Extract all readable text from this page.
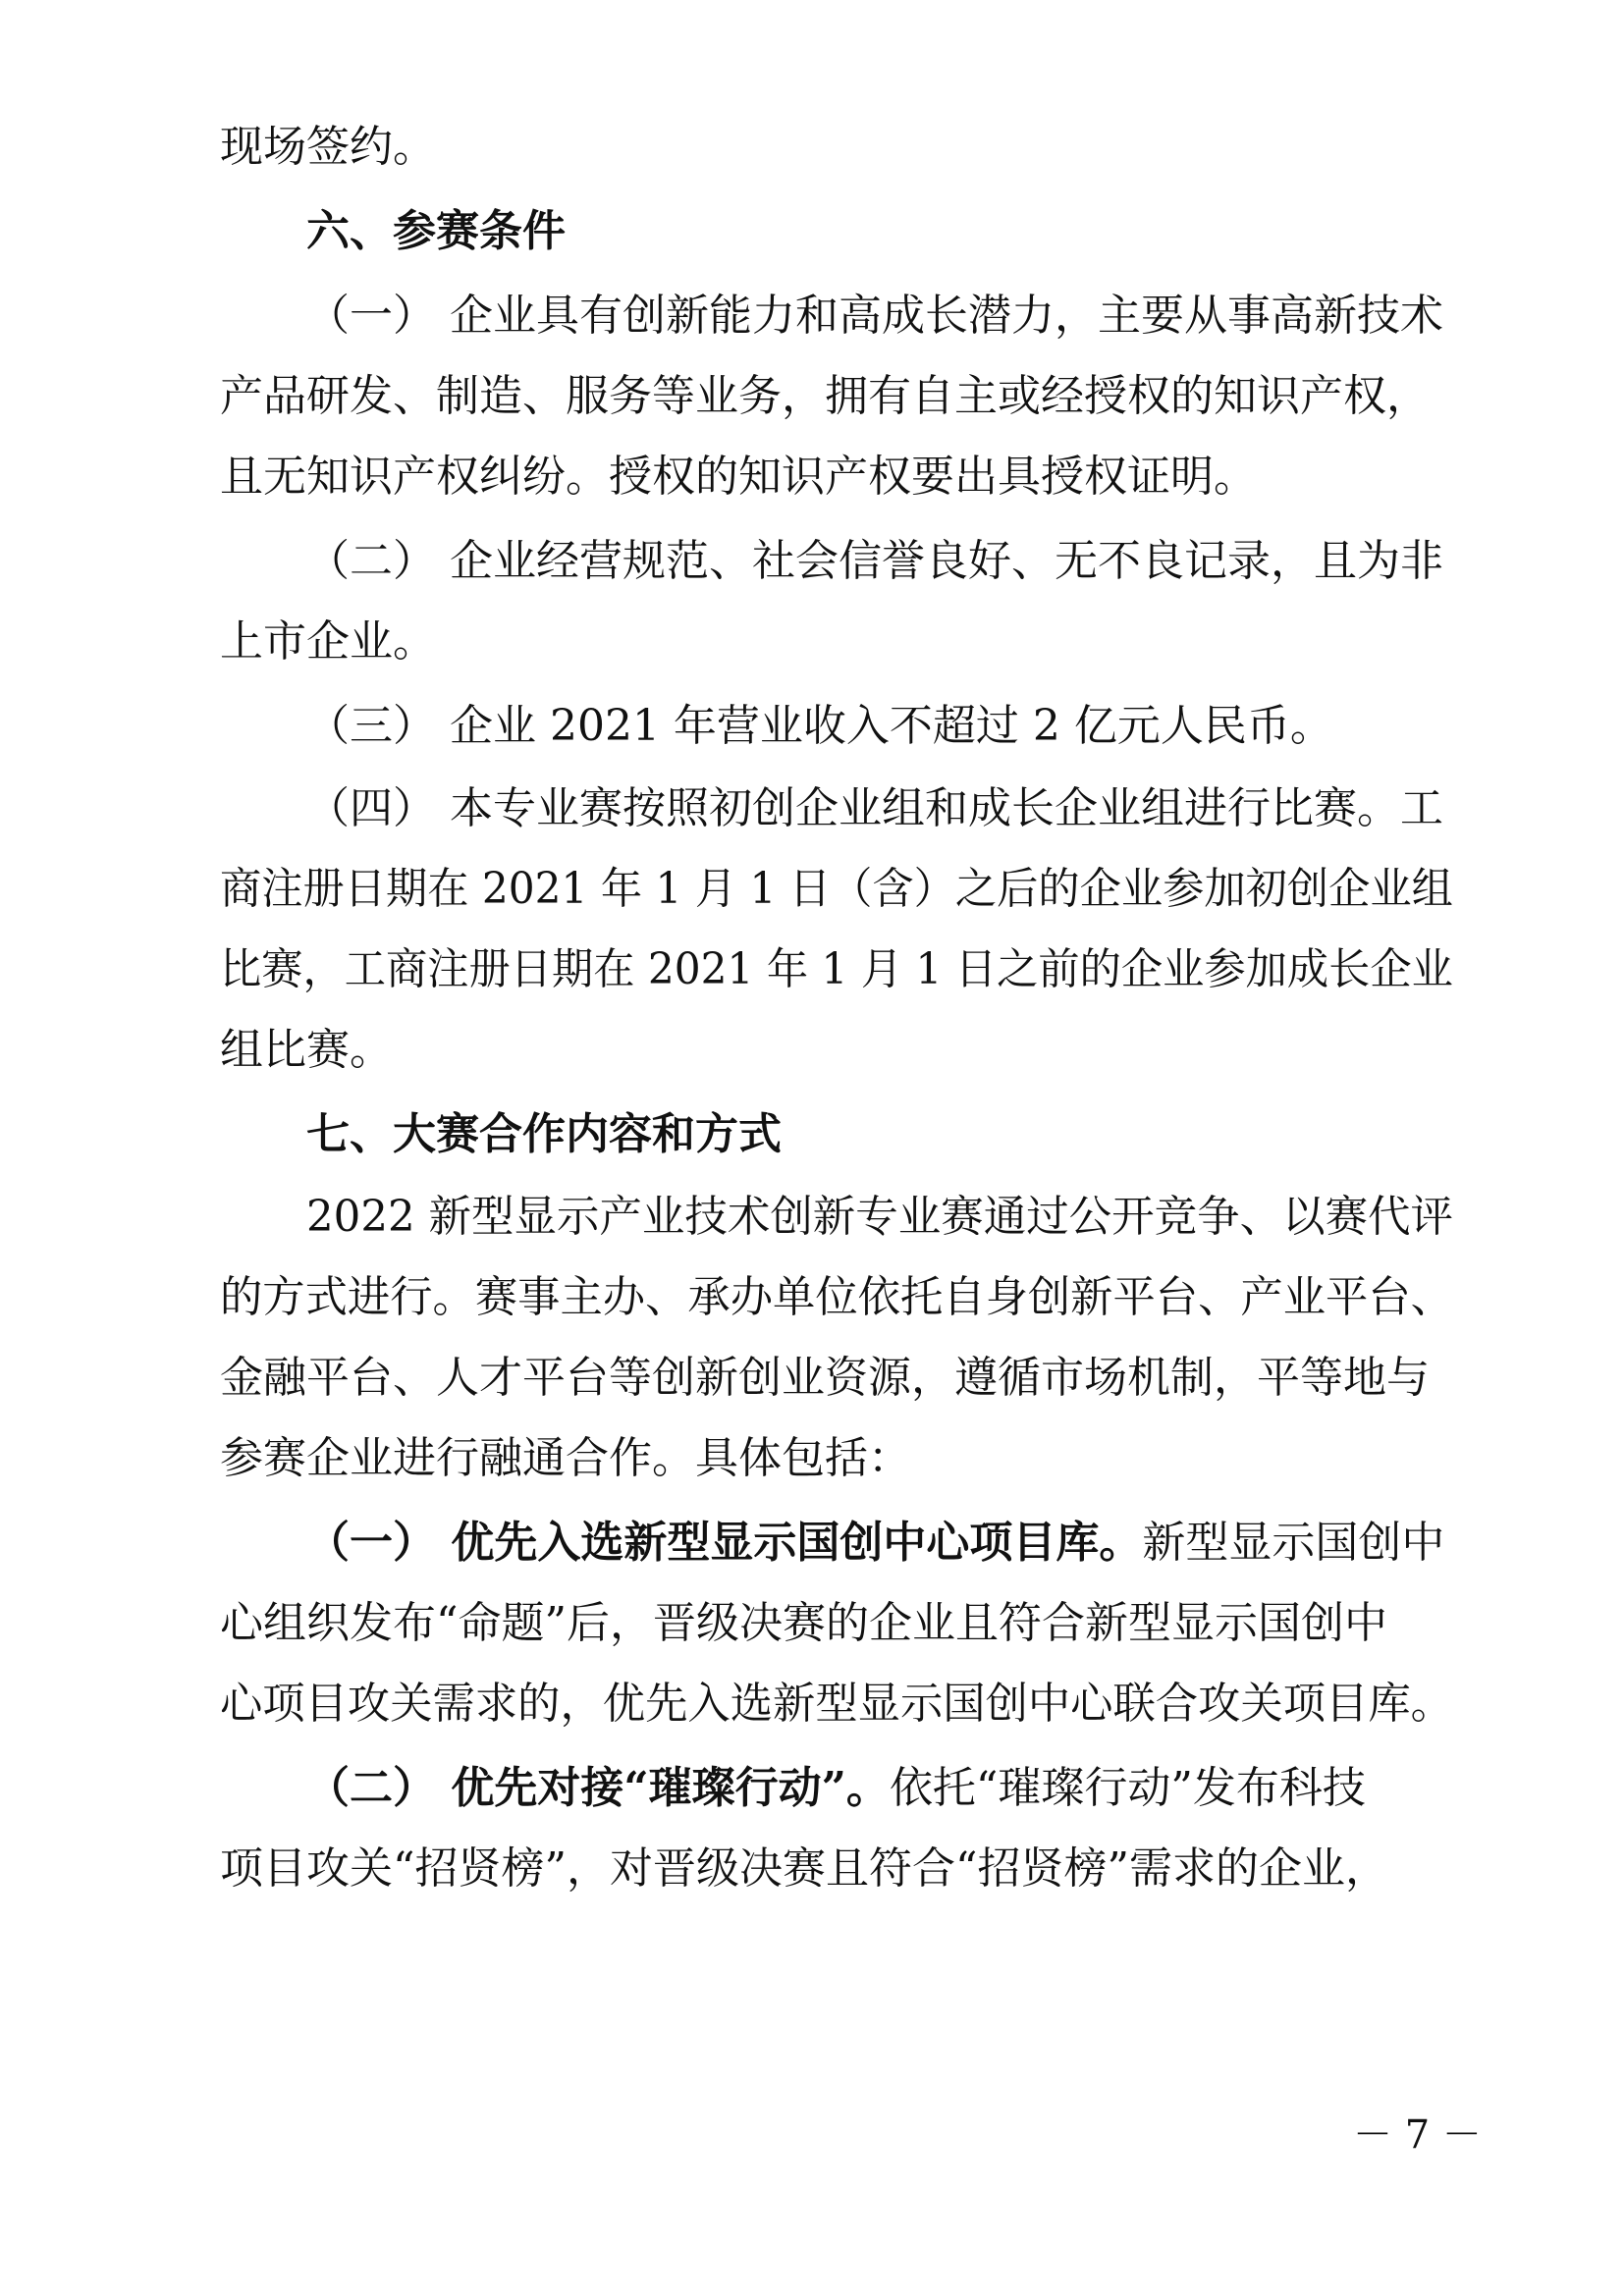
现场签约。
六、参赛条件
（一） 企业具有创新能力和高成长潜力，主要从事高新技术
产品研发、制造、服务等业务，拥有自主或经授权的知识产权，
且无知识产权纠纷。授权的知识产权要出具授权证明。
（二） 企业经营规范、社会信誉良好、无不良记录，且为非
上市企业。
（三） 企业 2021 年营业收入不超过 2 亿元人民币。
（四） 本专业赛按照初创企业组和成长企业组进行比赛。工
商注册日期在 2021 年 1 月 1 日（含）之后的企业参加初创企业组
比赛，工商注册日期在 2021 年 1 月 1 日之前的企业参加成长企业
组比赛。
七、大赛合作内容和方式
2022 新型显示产业技术创新专业赛通过公开竞争、以赛代评
的方式进行。赛事主办、承办单位依托自身创新平台、产业平台、
金融平台、人才平台等创新创业资源，遵循市场机制，平等地与
参赛企业进行融通合作。具体包括：
（一） 优先入选新型显示国创中心项目库。新型显示国创中
心组织发布“命题”后，晋级决赛的企业且符合新型显示国创中
心项目攻关需求的，优先入选新型显示国创中心联合攻关项目库。
（二） 优先对接“璀璨行动”。依托“璀璨行动”发布科技
项目攻关“招贤榜”，对晋级决赛且符合“招贤榜”需求的企业，
－ 7 －
